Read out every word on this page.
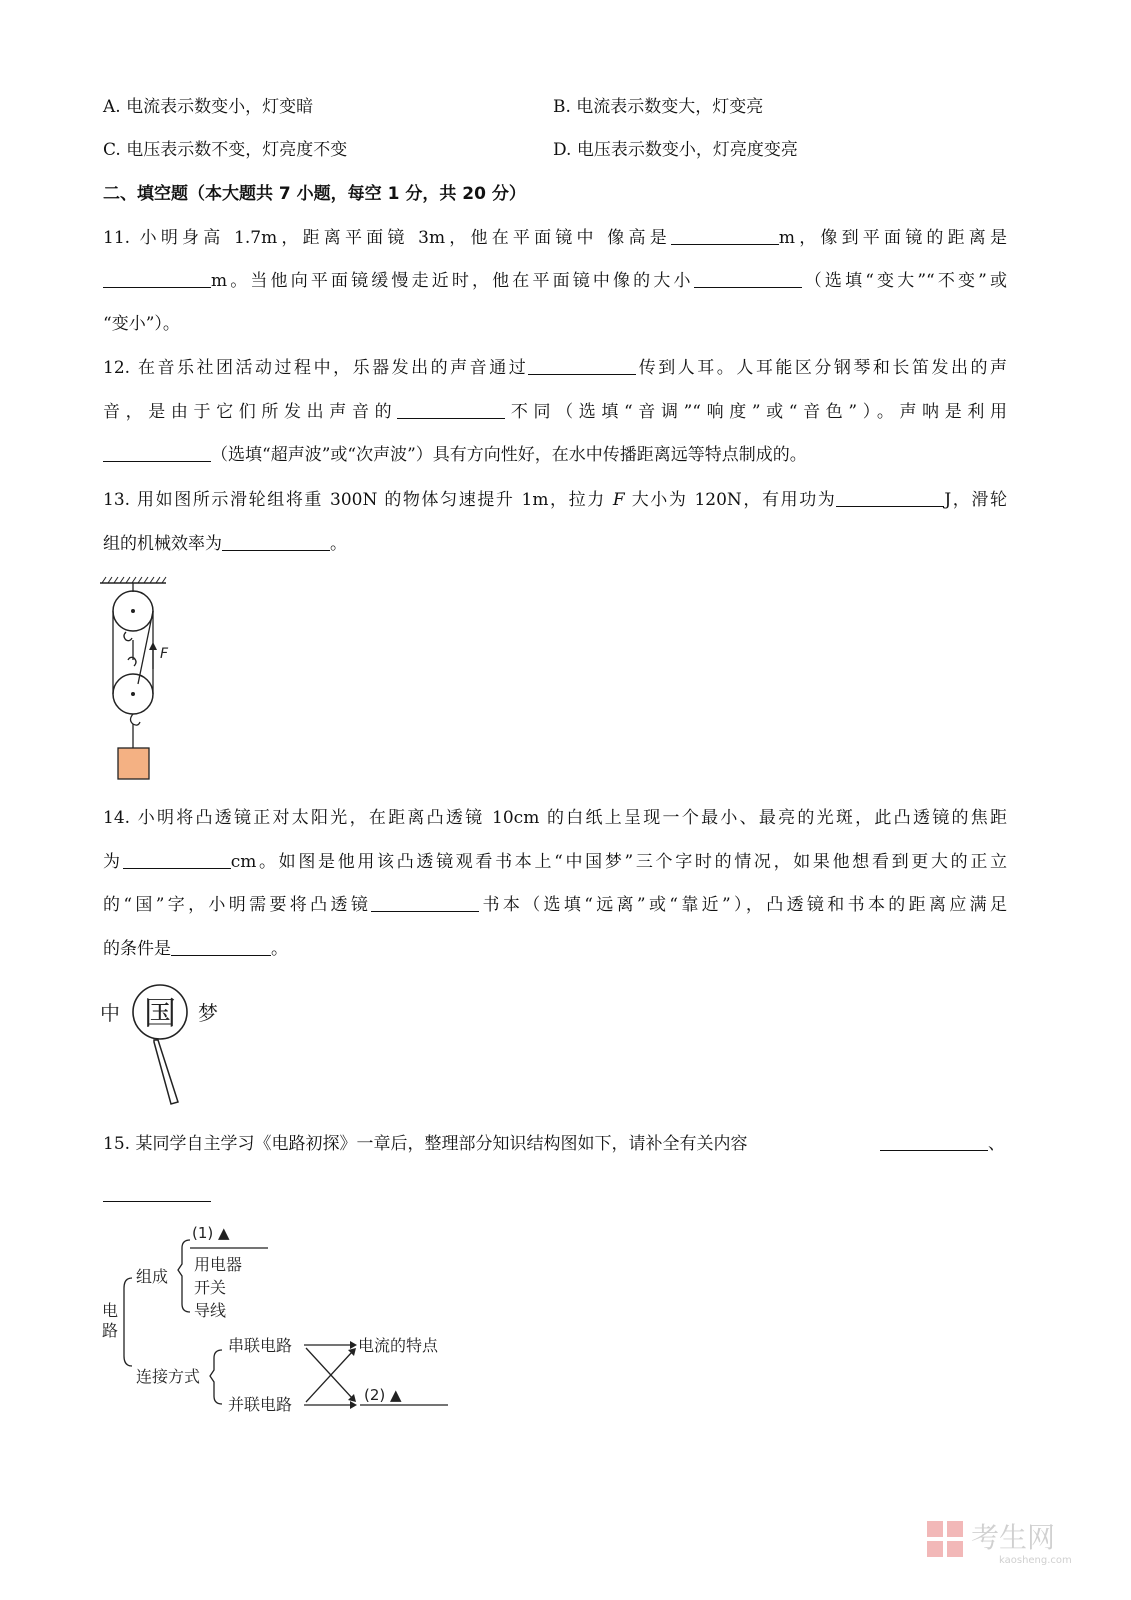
A. 电流表示数变小，灯变暗	B. 电流表示数变大，灯变亮
C. 电压表示数不变，灯亮度不变	D. 电压表示数变小，灯亮度变亮
二、填空题（本大题共 7 小题，每空 1 分，共 20 分）
11. 小明身高 1.7m，距离平面镜 3m，他在平面镜中 像高是	m，像到平面镜的距离是
m。当他向平面镜缓慢走近时，他在平面镜中像的大小	（选填“变大”“不变”或
“变小”）。
12. 在音乐社团活动过程中，乐器发出的声音通过	传到人耳。人耳能区分钢琴和长笛发出的声
音，是由于它们所发出声音的	不同（选填“音调”“响度”或“音色”）。声呐是利用
（选填“超声波”或“次声波”）具有方向性好，在水中传播距离远等特点制成的。
13. 用如图所示滑轮组将重 300N 的物体匀速提升 1m，拉力 F 大小为 120N，有用功为	J，滑轮
组的机械效率为	。
F
14. 小明将凸透镜正对太阳光，在距离凸透镜 10cm 的白纸上呈现一个最小、最亮的光斑，此凸透镜的焦距
为	cm。如图是他用该凸透镜观看书本上“中国梦”三个字时的情况，如果他想看到更大的正立
的“国”字，小明需要将凸透镜	书本（选填“远离”或“靠近”），凸透镜和书本的距离应满足
的条件是	。
中 国 梦
15. 某同学自主学习《电路初探》一章后，整理部分知识结构图如下，请补全有关内容	、
电
路
组成
(1) ▲
用电器
开关
导线
连接方式
串联电路
并联电路
电流的特点
(2) ▲
考生网
kaosheng.com
